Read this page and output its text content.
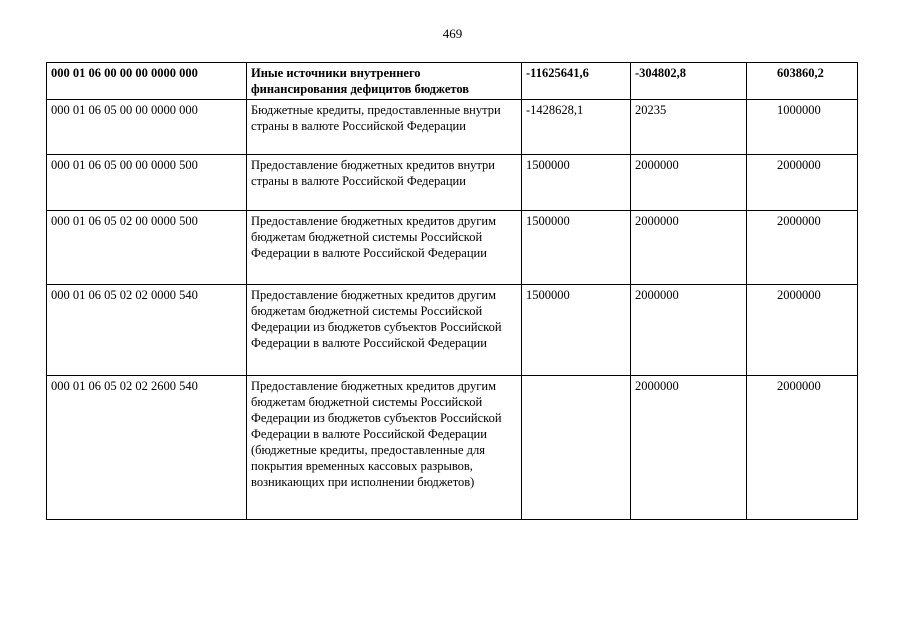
469
000 01 06 00 00 00 0000 000	Иные источники внутреннего финансирования дефицитов бюджетов	-11625641,6	-304802,8	603860,2
000 01 06 05 00 00 0000 000	Бюджетные кредиты, предоставленные внутри страны в валюте Российской Федерации	-1428628,1	20235	1000000
000 01 06 05 00 00 0000 500	Предоставление бюджетных кредитов внутри страны в валюте Российской Федерации	1500000	2000000	2000000
000 01 06 05 02 00 0000 500	Предоставление бюджетных кредитов другим бюджетам бюджетной системы Российской Федерации в валюте Российской Федерации	1500000	2000000	2000000
000 01 06 05 02 02 0000 540	Предоставление бюджетных кредитов другим бюджетам бюджетной системы Российской Федерации из бюджетов субъектов Российской Федерации в валюте Российской Федерации	1500000	2000000	2000000
000 01 06 05 02 02 2600 540	Предоставление бюджетных кредитов другим бюджетам бюджетной системы Российской Федерации из бюджетов субъектов Российской Федерации в валюте Российской Федерации (бюджетные кредиты, предоставленные для покрытия временных кассовых разрывов, возникающих при исполнении бюджетов)		2000000	2000000
